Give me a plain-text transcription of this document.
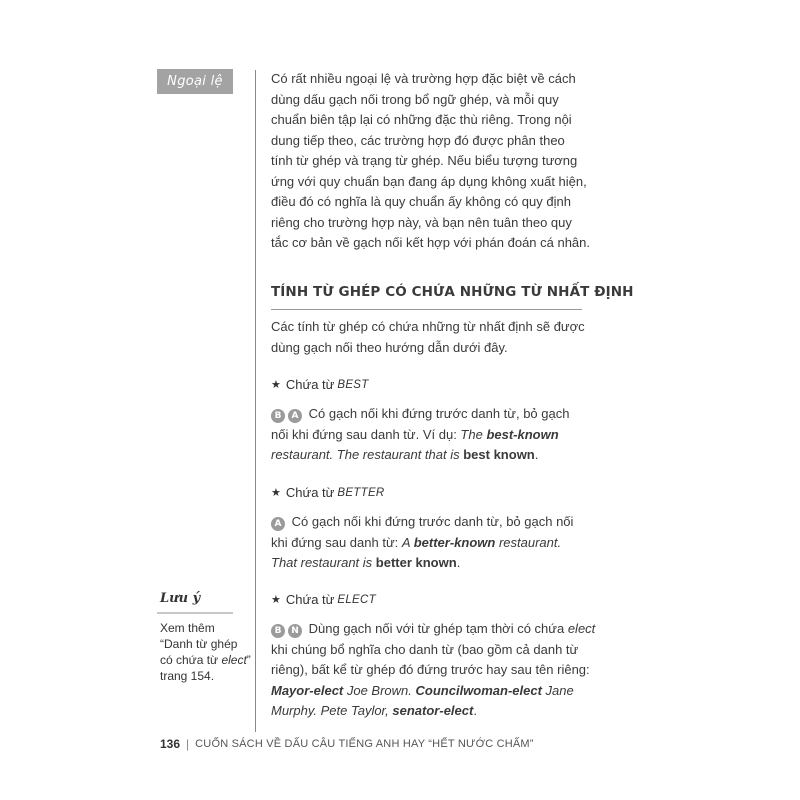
Ngoại lệ	Có rất nhiều ngoại lệ và trường hợp đặc biệt về cách
dùng dấu gạch nối trong bổ ngữ ghép, và mỗi quy
chuẩn biên tập lại có những đặc thù riêng. Trong nội
dung tiếp theo, các trường hợp đó được phân theo
tính từ ghép và trạng từ ghép. Nếu biểu tượng tương
ứng với quy chuẩn bạn đang áp dụng không xuất hiện,
điều đó có nghĩa là quy chuẩn ấy không có quy định
riêng cho trường hợp này, và bạn nên tuân theo quy
tắc cơ bản về gạch nối kết hợp với phán đoán cá nhân.

TÍNH TỪ GHÉP CÓ CHỨA NHỮNG TỪ NHẤT ĐỊNH

Các tính từ ghép có chứa những từ nhất định sẽ được
dùng gạch nối theo hướng dẫn dưới đây.

★ Chứa từ BEST

B A Có gạch nối khi đứng trước danh từ, bỏ gạch
nối khi đứng sau danh từ. Ví dụ: The best-known
restaurant. The restaurant that is best known.

★ Chứa từ BETTER

A Có gạch nối khi đứng trước danh từ, bỏ gạch nối
khi đứng sau danh từ: A better-known restaurant.
That restaurant is better known.

★ Chứa từ ELECT

B N Dùng gạch nối với từ ghép tạm thời có chứa elect
khi chúng bổ nghĩa cho danh từ (bao gồm cả danh từ
riêng), bất kể từ ghép đó đứng trước hay sau tên riêng:
Mayor-elect Joe Brown. Councilwoman-elect Jane
Murphy. Pete Taylor, senator-elect.

Lưu ý
Xem thêm
“Danh từ ghép
có chứa từ elect”
trang 154.
136 | CUỐN SÁCH VỀ DẤU CÂU TIẾNG ANH HAY “HẾT NƯỚC CHẤM”
